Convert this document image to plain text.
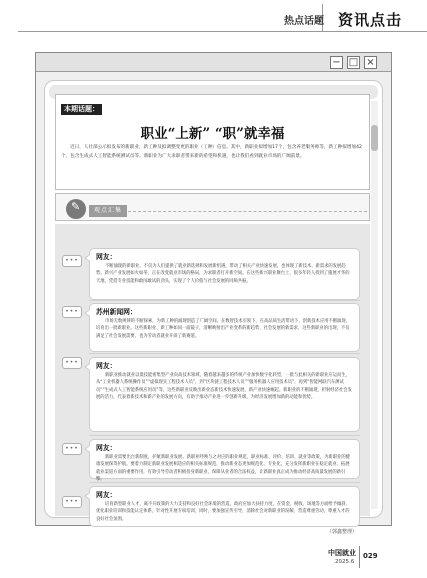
热点话题 资讯点击
− □ ×
本期话题：
职业“上新” “职”就幸福
近日，人社部公示拟发布的新职业、新工种及拟调整变更的职业（工种）信息。其中，新职业拟增加17个，包含养老服务师等，新工种拟增加42个，包含生成式人工智能系统测试员等。新职业为广大求职者带来新的希望和机遇，也让我们看到就业市场的广阔前景。
✎	观点汇集
•••	网友：
不断涌现的新职业，不仅为人们提供了就业新选择和发展新机遇，带动了相关产业快速发展，也体现了新技术、新需求的发展趋势。新兴产业发展如火如荼，正在改变就业市场的格局，为求职者打开新空间。在这些新兴职业舞台上，很多年轻人找到了施展才华的天地，凭借专业技能和敢闯敢试的劲头，实现了个人价值与社会发展的同频共振。
•••	苏州新闻网：
市场无数规律的不断探索，为新工种的涌现创造了广阔空间。在数智技术引领下，在高品质生活带动下，创新技术应用不断涌现，培育出一批新职业。这些新职业、新工种如同一面镜子，清晰映射出产业变革的新趋势、社会发展的新需求，这些新职业的出现，不仅满足了社会发展需要，也为劳动者就业开辟了新赛道。
•••	网友：
新职业推动就业以低技能密集型产业向高技术领域、随着越来越多的传统产业加快数字化转型，一批与此相关的新职业应运而生，从“工业机器人系统操作员”“虚拟现实工程技术人员”，到“区块链工程技术人员”“服务机器人应用技术员”，再到“智能网联汽车测试员”“生成式人工智能系统应用员”等，这些新职业反映出新业态新技术快速发展，新产业快速崛起。新职业的不断涌现，折射经济社会发展的活力，代表着新技术和新产业的发展方向，有助于推动产业进一步创新升级，为经济发展增加新的动能和优势。
•••	网友：
新职业需要出台新制度，护航新职业发展。新职业呼唤与之对应的职业规范、职业标准、评价、培训、就业等政策，为新职业的健康发展保驾护航。要着力制定新职业发展相适应的相关标准规范，推动新业态更加规范化、专业化，充分发挥新职业在稳定就业、拓展就业渠道方面的重要作用，有效引导劳动者积极投身新职业，保障从业者的合法权益，让新职业真正成为推动经济高质量发展的新引擎。
•••
网友：
培育新型职业人才，离不开政策的大力支持和良好社会环境的营造。政府应加大扶持力度，在资金、税收、场地等方面给予倾斜，优化职业培训和技能认定体系，针对性开展专项培训，同时，要加强宣传引导，消除社会对新职业的误解，营造尊重劳动、尊重人才的良好社会氛围。
（郭鑫整理）
中国就业
2025.6
029
